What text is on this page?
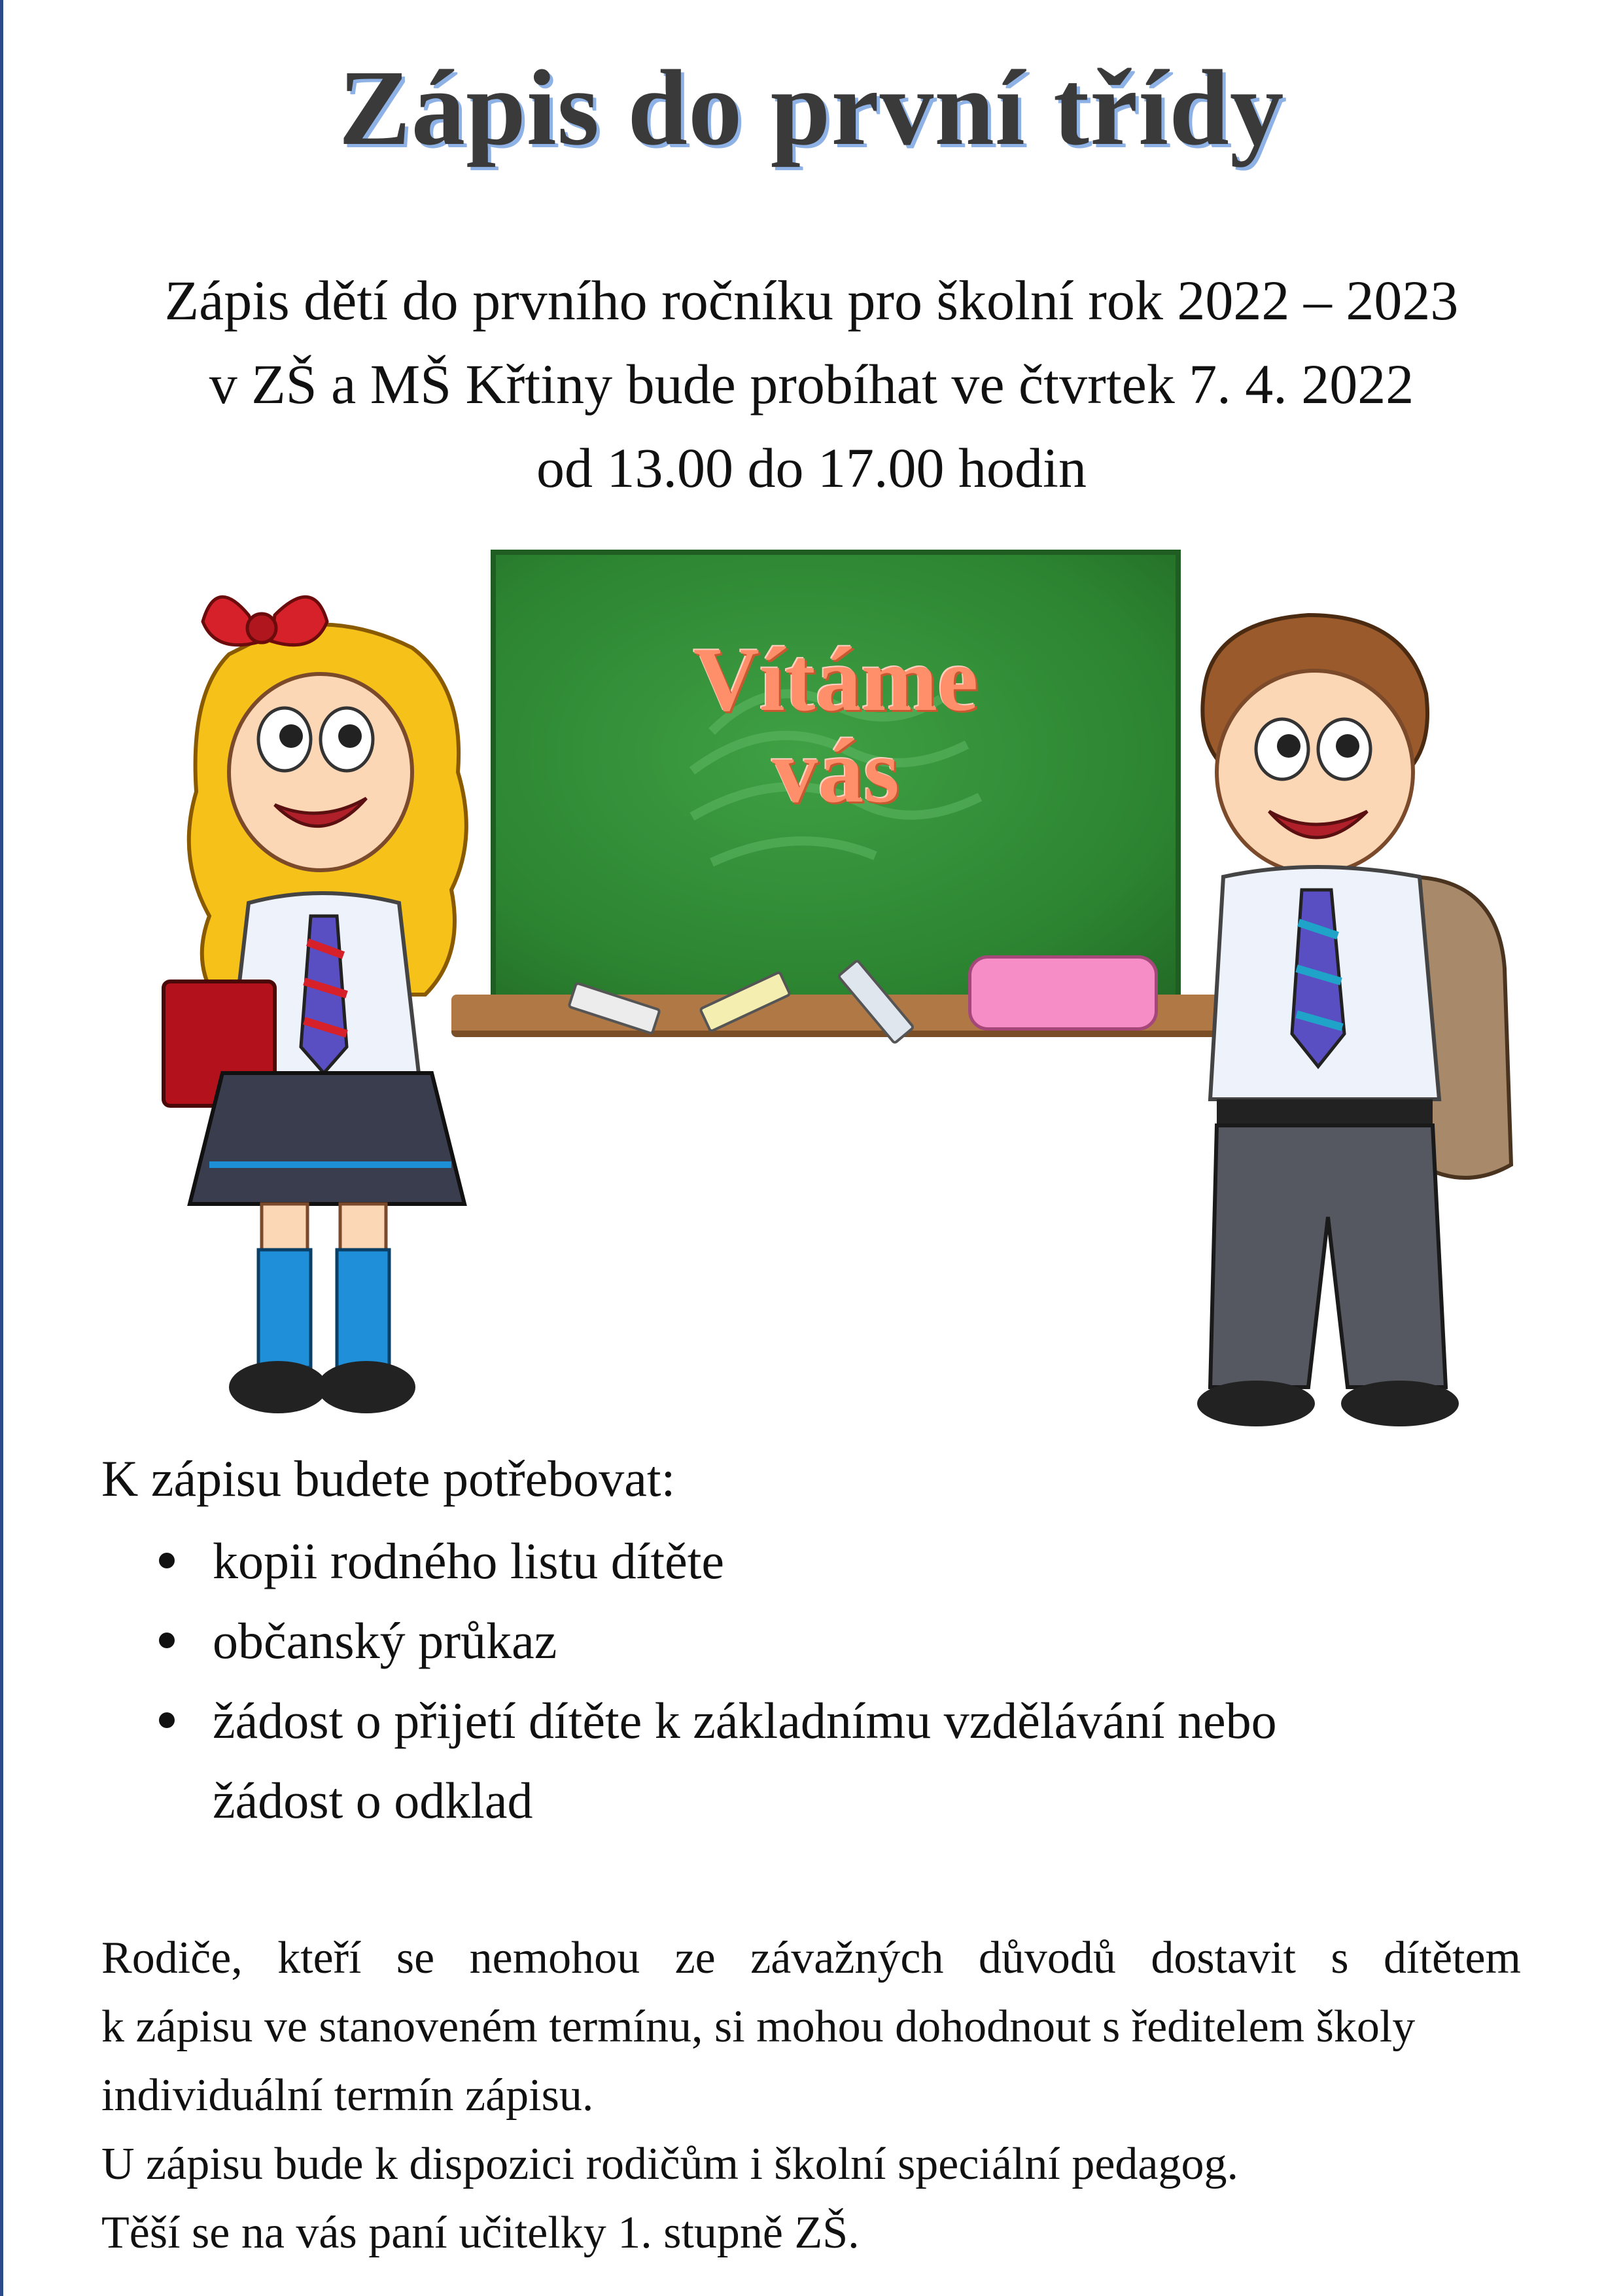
Zápis do první třídy
Zápis dětí do prvního ročníku pro školní rok 2022 – 2023
v ZŠ a MŠ Křtiny bude probíhat ve čtvrtek 7. 4. 2022
od 13.00 do 17.00 hodin
Vítáme
vás
K zápisu budete potřebovat:
kopii rodného listu dítěte
občanský průkaz
žádost o přijetí dítěte k základnímu vzdělávání nebo
žádost o odklad
Rodiče, kteří se nemohou ze závažných důvodů dostavit s dítětem
k zápisu ve stanoveném termínu, si mohou dohodnout s ředitelem školy
individuální termín zápisu.
U zápisu bude k dispozici rodičům i školní speciální pedagog.
Těší se na vás paní učitelky 1. stupně ZŠ.
